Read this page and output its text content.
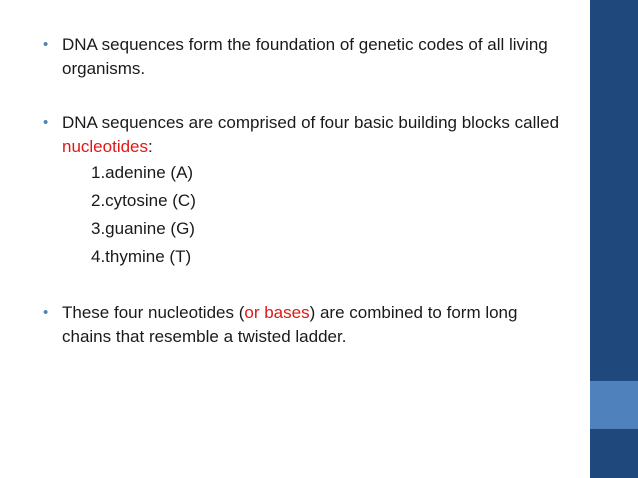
• DNA sequences form the foundation of genetic codes of all living organisms.
• DNA sequences are comprised of four basic building blocks called nucleotides:
1.adenine (A)
2.cytosine (C)
3.guanine (G)
4.thymine (T)
• These four nucleotides (or bases) are combined to form long chains that resemble a twisted ladder.
